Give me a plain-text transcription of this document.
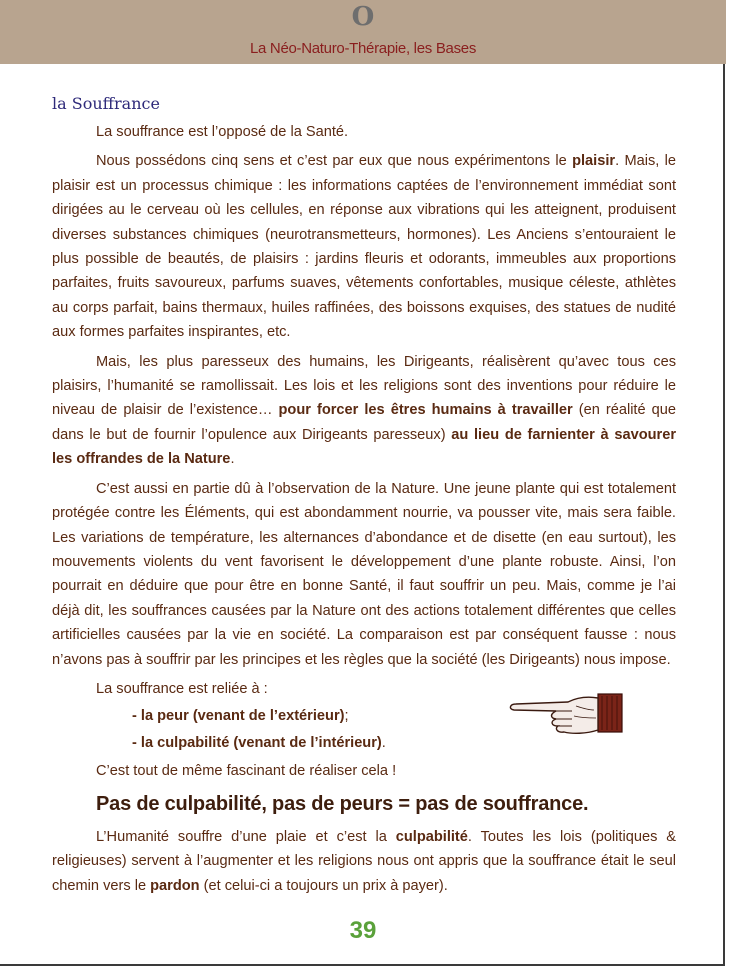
O
La Néo-Naturo-Thérapie, les Bases
la Souffrance

La souffrance est l’opposé de la Santé.

Nous possédons cinq sens et c’est par eux que nous expérimentons le plaisir. Mais, le plaisir est un processus chimique : les informations captées de l’environnement immédiat sont dirigées au le cerveau où les cellules, en réponse aux vibrations qui les atteignent, produisent diverses substances chimiques (neurotransmetteurs, hormones). Les Anciens s’entouraient le plus possible de beautés, de plaisirs : jardins fleuris et odorants, immeubles aux proportions parfaites, fruits savoureux, parfums suaves, vêtements confortables, musique céleste, athlètes au corps parfait, bains thermaux, huiles raffinées, des boissons exquises, des statues de nudité aux formes parfaites inspirantes, etc.

Mais, les plus paresseux des humains, les Dirigeants, réalisèrent qu’avec tous ces plaisirs, l’humanité se ramollissait. Les lois et les religions sont des inventions pour réduire le niveau de plaisir de l’existence… pour forcer les êtres humains à travailler (en réalité que dans le but de fournir l’opulence aux Dirigeants paresseux) au lieu de farnienter à savourer les offrandes de la Nature.

C’est aussi en partie dû à l’observation de la Nature. Une jeune plante qui est totalement protégée contre les Éléments, qui est abondamment nourrie, va pousser vite, mais sera faible. Les variations de température, les alternances d’abondance et de disette (en eau surtout), les mouvements violents du vent favorisent le développement d’une plante robuste. Ainsi, l’on pourrait en déduire que pour être en bonne Santé, il faut souffrir un peu. Mais, comme je l’ai déjà dit, les souffrances causées par la Nature ont des actions totalement différentes que celles artificielles causées par la vie en société. La comparaison est par conséquent fausse : nous n’avons pas à souffrir par les principes et les règles que la société (les Dirigeants) nous impose.

La souffrance est reliée à :

- la peur (venant de l’extérieur);
- la culpabilité (venant de l’intérieur).

C’est tout de même fascinant de réaliser cela !

Pas de culpabilité, pas de peurs = pas de souffrance.

L’Humanité souffre d’une plaie et c’est la culpabilité. Toutes les lois (politiques & religieuses) servent à l’augmenter et les religions nous ont appris que la souffrance était le seul chemin vers le pardon (et celui-ci a toujours un prix à payer).

39
